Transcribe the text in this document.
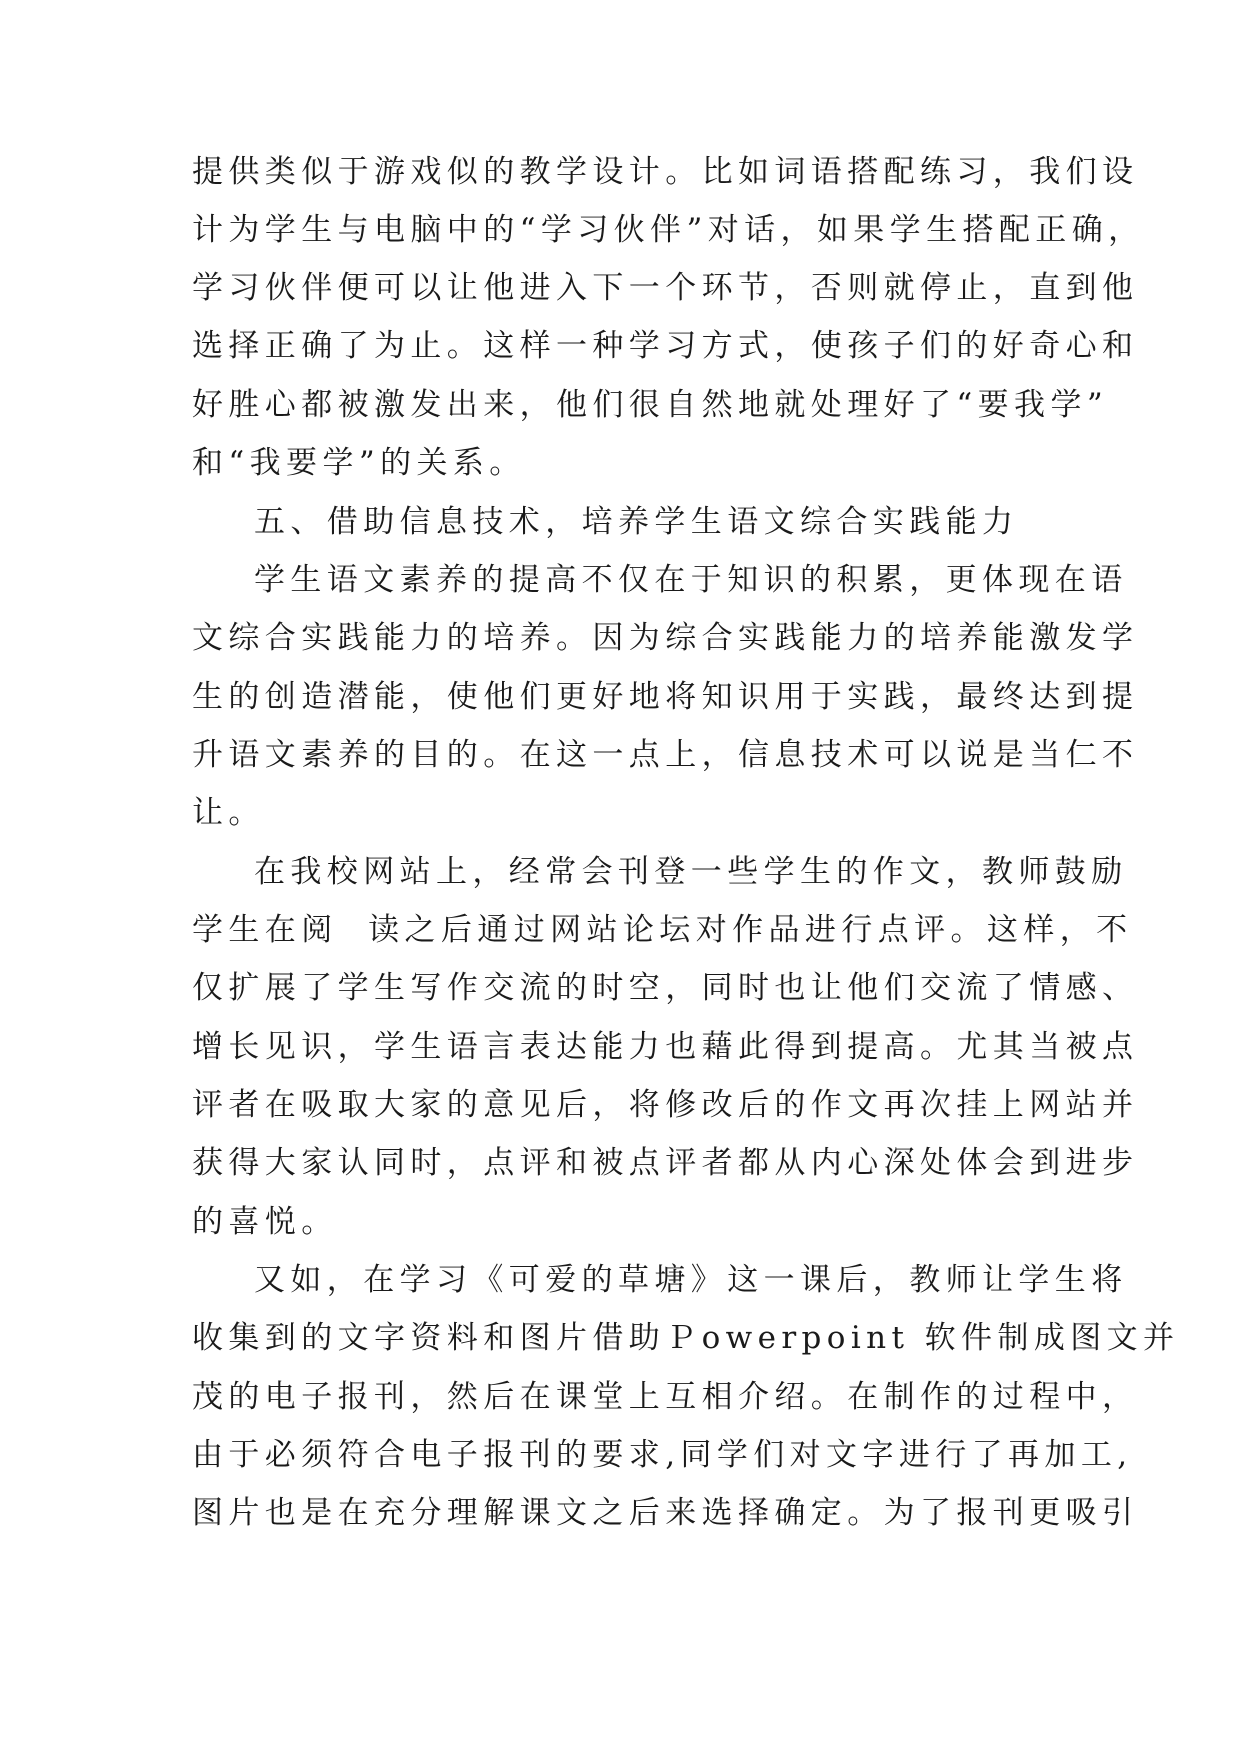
提供类似于游戏似的教学设计。比如词语搭配练习，我们设
计为学生与电脑中的“学习伙伴”对话，如果学生搭配正确，
学习伙伴便可以让他进入下一个环节，否则就停止，直到他
选择正确了为止。这样一种学习方式，使孩子们的好奇心和
好胜心都被激发出来，他们很自然地就处理好了“要我学”
和“我要学”的关系。
五、借助信息技术，培养学生语文综合实践能力
学生语文素养的提高不仅在于知识的积累，更体现在语
文综合实践能力的培养。因为综合实践能力的培养能激发学
生的创造潜能，使他们更好地将知识用于实践，最终达到提
升语文素养的目的。在这一点上，信息技术可以说是当仁不
让。
在我校网站上，经常会刊登一些学生的作文，教师鼓励
学生在阅  读之后通过网站论坛对作品进行点评。这样，不
仅扩展了学生写作交流的时空，同时也让他们交流了情感、
增长见识，学生语言表达能力也藉此得到提高。尤其当被点
评者在吸取大家的意见后，将修改后的作文再次挂上网站并
获得大家认同时，点评和被点评者都从内心深处体会到进步
的喜悦。
又如，在学习《可爱的草塘》这一课后，教师让学生将
收集到的文字资料和图片借助Ｐowerpoint 软件制成图文并
茂的电子报刊，然后在课堂上互相介绍。在制作的过程中，
由于必须符合电子报刊的要求,同学们对文字进行了再加工,
图片也是在充分理解课文之后来选择确定。为了报刊更吸引
